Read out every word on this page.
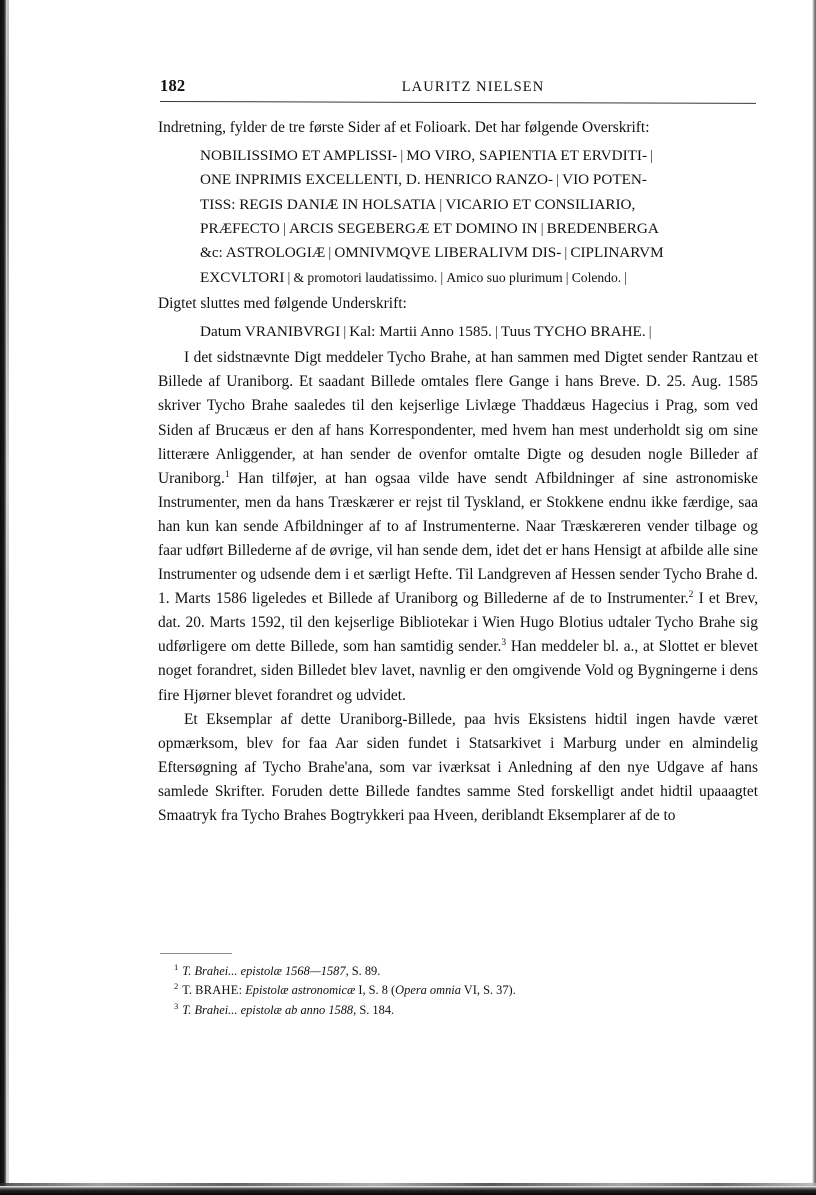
182	LAURITZ NIELSEN

Indretning, fylder de tre første Sider af et Folioark. Det har følgende Overskrift:

NOBILISSIMO ET AMPLISSI- | MO VIRO, SAPIENTIA ET ERVDITI- |
ONE INPRIMIS EXCELLENTI, D. HENRICO RANZO- | VIO POTEN-
TISS: REGIS DANIÆ IN HOLSATIA | VICARIO ET CONSILIARIO,
PRÆFECTO | ARCIS SEGEBERGÆ ET DOMINO IN | BREDENBERGA
&c: ASTROLOGIÆ | OMNIVMQVE LIBERALIVM DIS- | CIPLINARVM
EXCVLTORI | & promotori laudatissimo. | Amico suo plurimum | Colendo. |

Digtet sluttes med følgende Underskrift:

Datum VRANIBVRGI | Kal: Martii Anno 1585. | Tuus TYCHO BRAHE. |

I det sidstnævnte Digt meddeler Tycho Brahe, at han sammen med Digtet sender Rantzau et Billede af Uraniborg. Et saadant Billede omtales flere Gange i hans Breve. D. 25. Aug. 1585 skriver Tycho Brahe saaledes til den kejserlige Livlæge Thaddæus Hagecius i Prag, som ved Siden af Brucæus er den af hans Korrespondenter, med hvem han mest underholdt sig om sine litterære Anliggender, at han sender de ovenfor omtalte Digte og desuden nogle Billeder af Uraniborg.$^1$ Han tilføjer, at han ogsaa vilde have sendt Afbildninger af sine astronomiske Instrumenter, men da hans Træskærer er rejst til Tyskland, er Stokkene endnu ikke færdige, saa han kun kan sende Afbildninger af to af Instrumenterne. Naar Træskæreren vender tilbage og faar udført Billederne af de øvrige, vil han sende dem, idet det er hans Hensigt at afbilde alle sine Instrumenter og udsende dem i et særligt Hefte. Til Landgreven af Hessen sender Tycho Brahe d. 1. Marts 1586 ligeledes et Billede af Uraniborg og Billederne af de to Instrumenter.$^2$ I et Brev, dat. 20. Marts 1592, til den kejserlige Bibliotekar i Wien Hugo Blotius udtaler Tycho Brahe sig udførligere om dette Billede, som han samtidig sender.$^3$ Han meddeler bl. a., at Slottet er blevet noget forandret, siden Billedet blev lavet, navnlig er den omgivende Vold og Bygningerne i dens fire Hjørner blevet forandret og udvidet.

Et Eksemplar af dette Uraniborg-Billede, paa hvis Eksistens hidtil ingen havde været opmærksom, blev for faa Aar siden fundet i Statsarkivet i Marburg under en almindelig Eftersøgning af Tycho Brahe'ana, som var iværksat i Anledning af den nye Udgave af hans samlede Skrifter. Foruden dette Billede fandtes samme Sted forskelligt andet hidtil upaaagtet Smaatryk fra Tycho Brahes Bogtrykkeri paa Hveen, deriblandt Eksemplarer af de to

$^1$ T. Brahei... epistolæ 1568—1587, S. 89.
$^2$ T. BRAHE: Epistolæ astronomicæ I, S. 8 (Opera omnia VI, S. 37).
$^3$ T. Brahei... epistolæ ab anno 1588, S. 184.
